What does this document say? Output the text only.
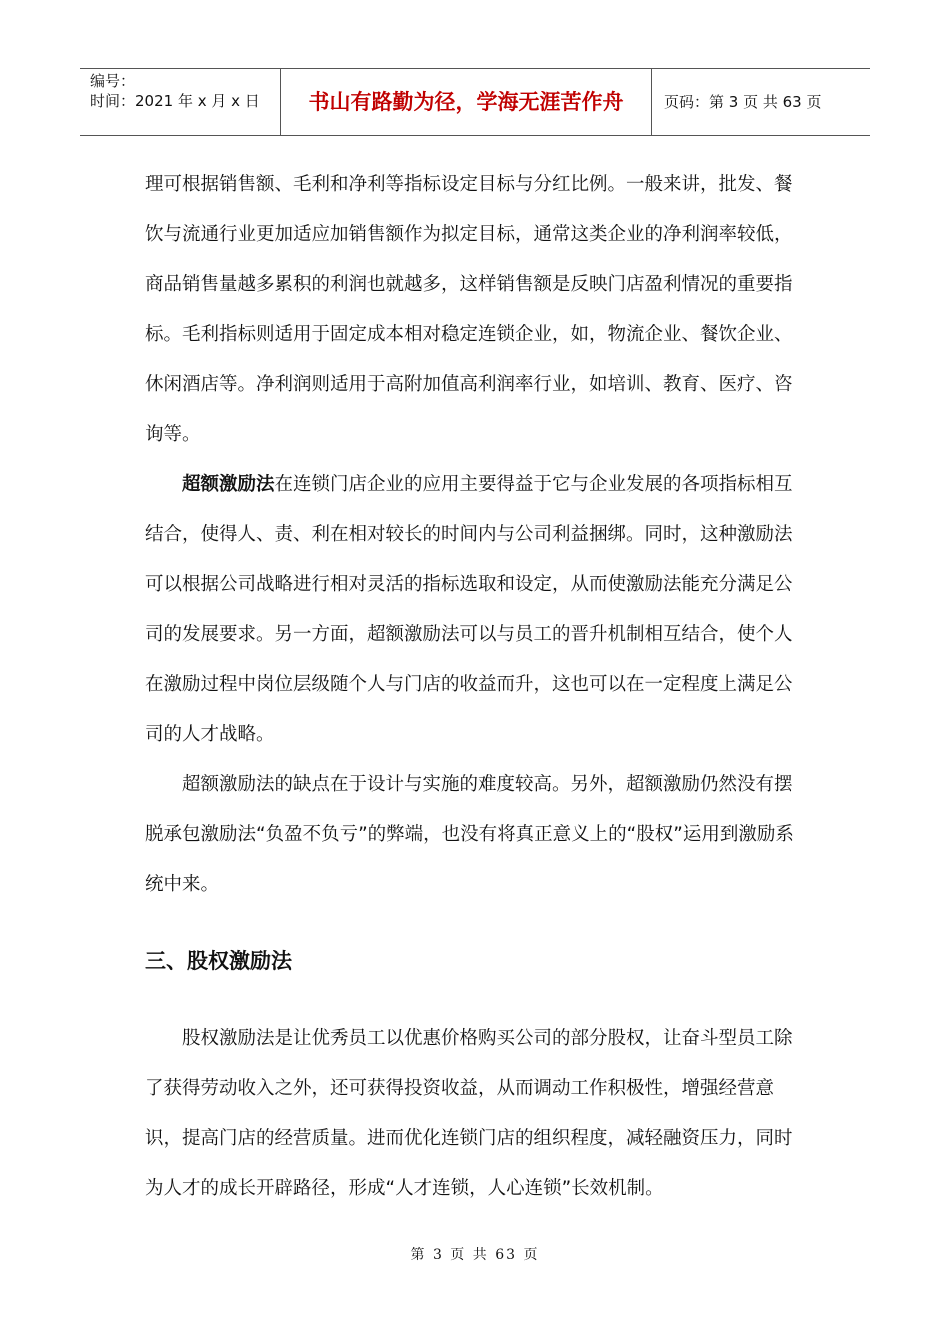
编号：
时间：2021 年 x 月 x 日	书山有路勤为径，学海无涯苦作舟	页码：第 3 页 共 63 页

理可根据销售额、毛利和净利等指标设定目标与分红比例。一般来讲，批发、餐饮与流通行业更加适应加销售额作为拟定目标，通常这类企业的净利润率较低，商品销售量越多累积的利润也就越多，这样销售额是反映门店盈利情况的重要指标。毛利指标则适用于固定成本相对稳定连锁企业，如，物流企业、餐饮企业、休闲酒店等。净利润则适用于高附加值高利润率行业，如培训、教育、医疗、咨询等。

超额激励法在连锁门店企业的应用主要得益于它与企业发展的各项指标相互结合，使得人、责、利在相对较长的时间内与公司利益捆绑。同时，这种激励法可以根据公司战略进行相对灵活的指标选取和设定，从而使激励法能充分满足公司的发展要求。另一方面，超额激励法可以与员工的晋升机制相互结合，使个人在激励过程中岗位层级随个人与门店的收益而升，这也可以在一定程度上满足公司的人才战略。

超额激励法的缺点在于设计与实施的难度较高。另外，超额激励仍然没有摆脱承包激励法“负盈不负亏”的弊端，也没有将真正意义上的“股权”运用到激励系统中来。

三、股权激励法

股权激励法是让优秀员工以优惠价格购买公司的部分股权，让奋斗型员工除了获得劳动收入之外，还可获得投资收益，从而调动工作积极性，增强经营意识，提高门店的经营质量。进而优化连锁门店的组织程度，减轻融资压力，同时为人才的成长开辟路径，形成“人才连锁，人心连锁”长效机制。

第 3 页 共 63 页
